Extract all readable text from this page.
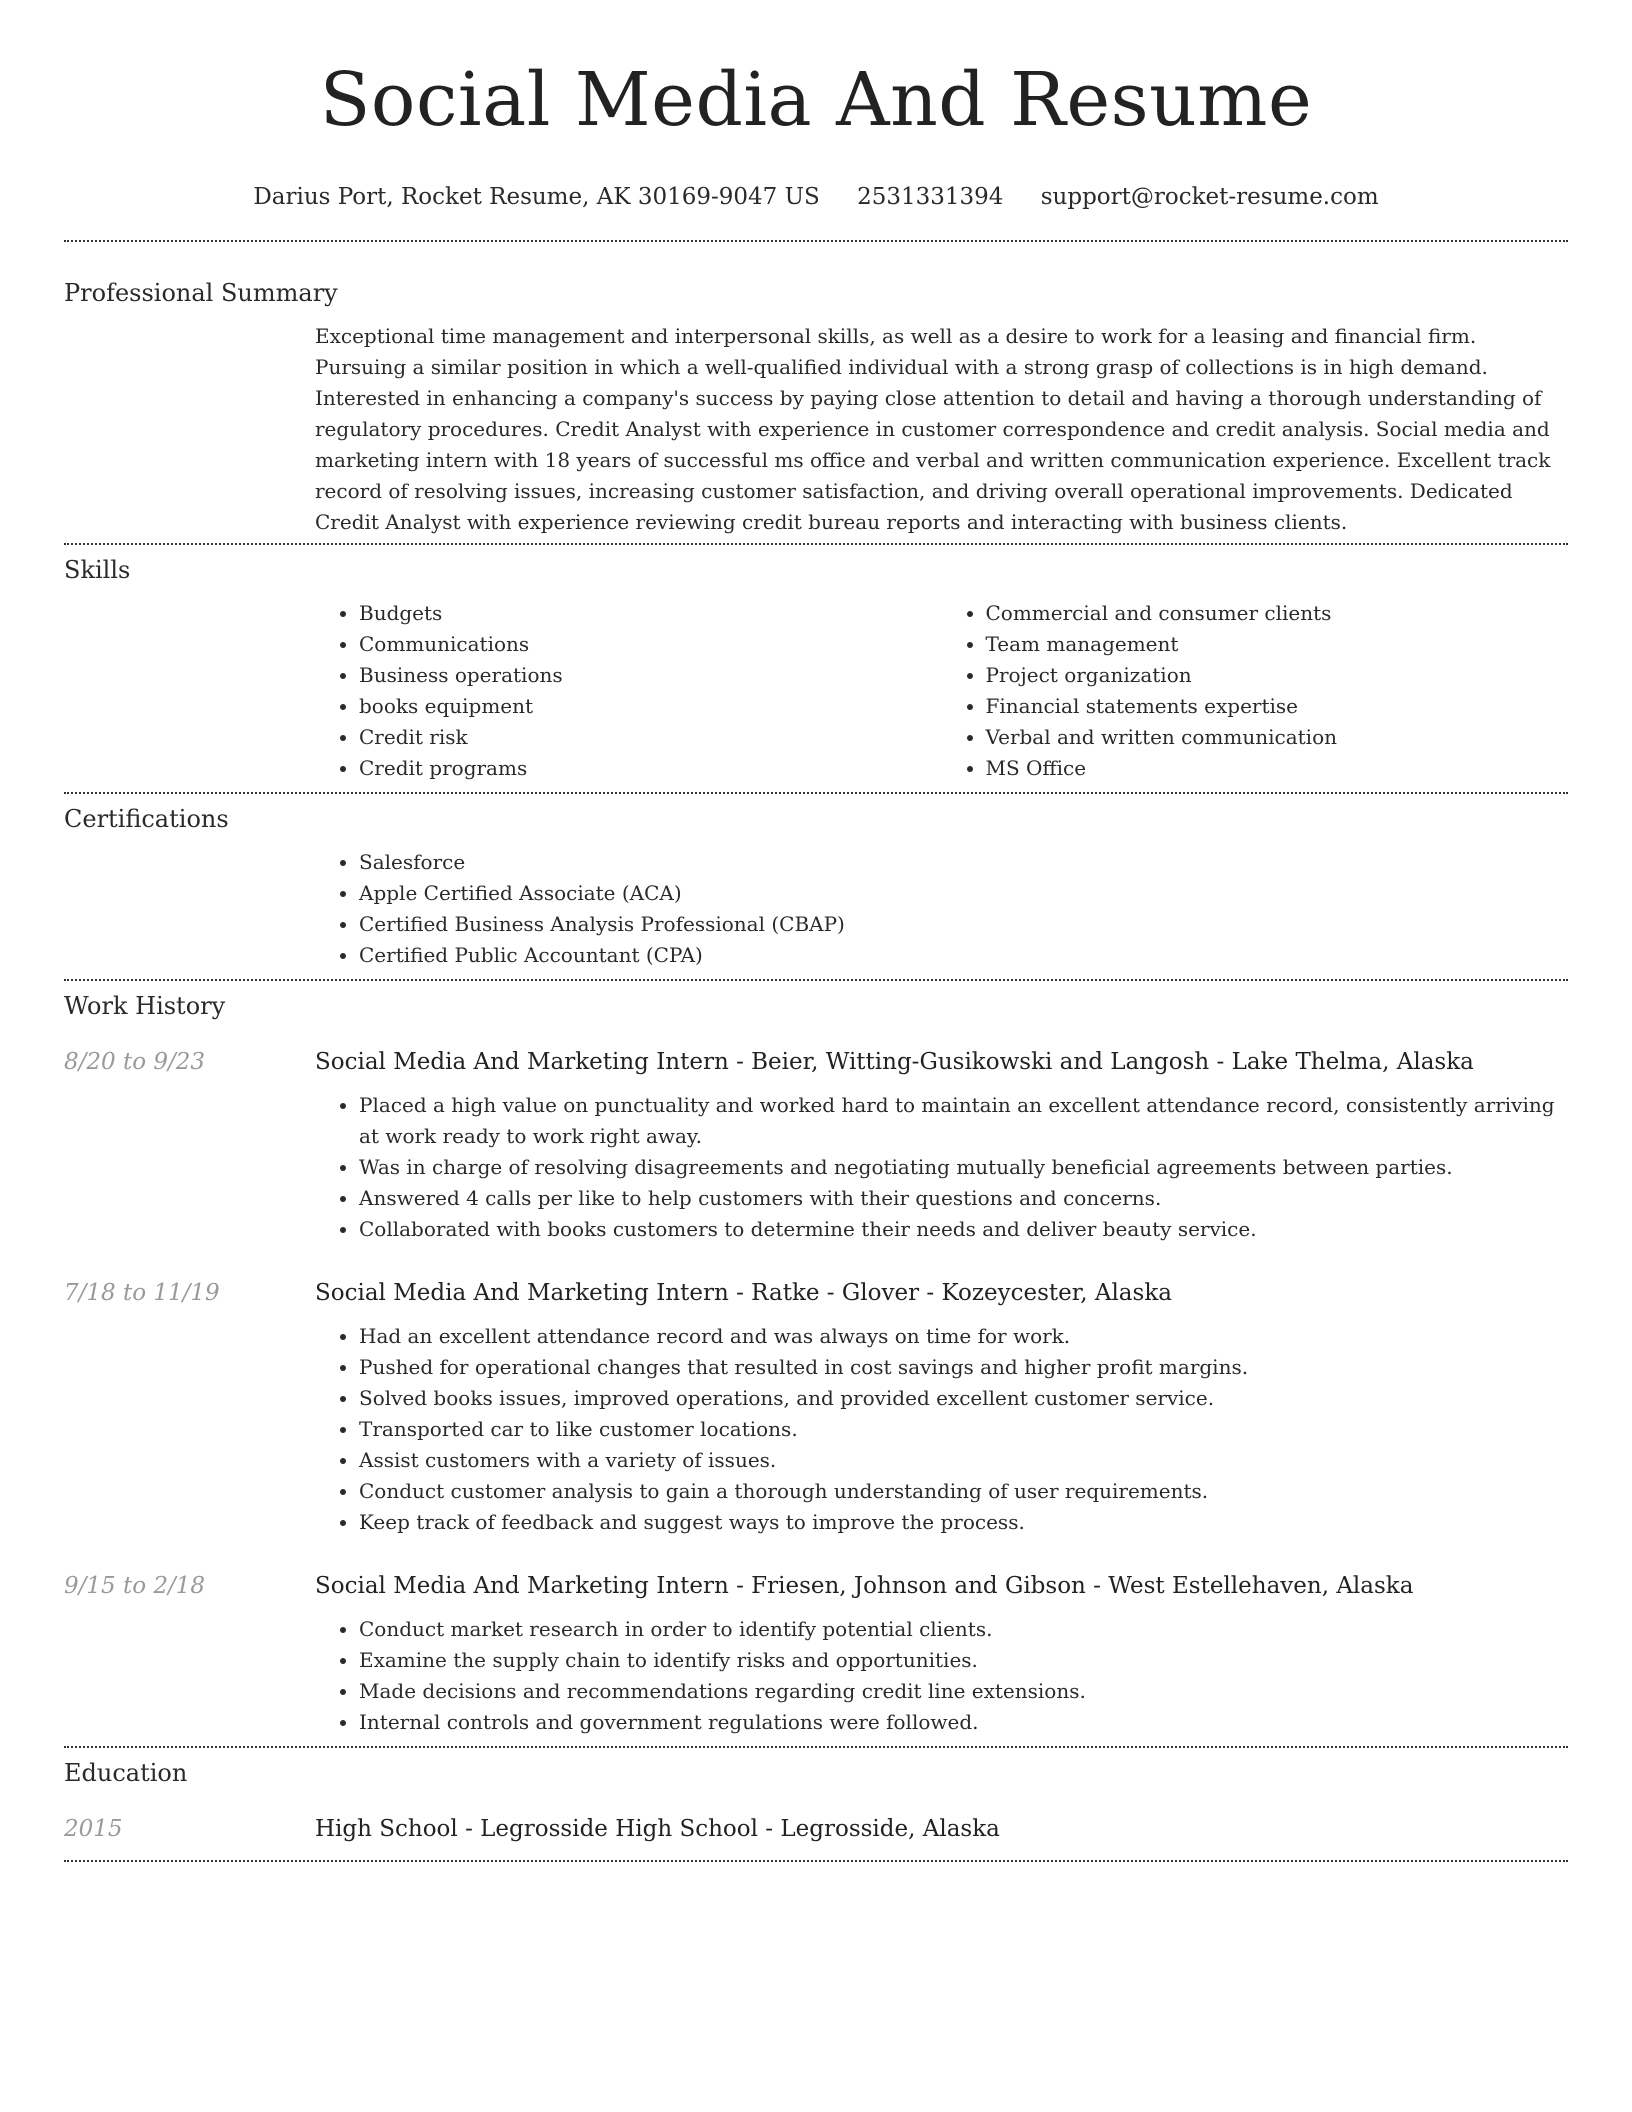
Social Media And Resume
Darius Port, Rocket Resume, AK 30169-9047 US 2531331394 support@rocket-resume.com
Professional Summary

Exceptional time management and interpersonal skills, as well as a desire to work for a leasing and financial firm. Pursuing a similar position in which a well-qualified individual with a strong grasp of collections is in high demand. Interested in enhancing a company's success by paying close attention to detail and having a thorough understanding of regulatory procedures. Credit Analyst with experience in customer correspondence and credit analysis. Social media and marketing intern with 18 years of successful ms office and verbal and written communication experience. Excellent track record of resolving issues, increasing customer satisfaction, and driving overall operational improvements. Dedicated Credit Analyst with experience reviewing credit bureau reports and interacting with business clients.

Skills
• Budgets
• Communications
• Business operations
• books equipment
• Credit risk
• Credit programs
• Commercial and consumer clients
• Team management
• Project organization
• Financial statements expertise
• Verbal and written communication
• MS Office
Certifications
• Salesforce
• Apple Certified Associate (ACA)
• Certified Business Analysis Professional (CBAP)
• Certified Public Accountant (CPA)
Work History
8/20 to 9/23	Social Media And Marketing Intern - Beier, Witting-Gusikowski and Langosh - Lake Thelma, Alaska
• Placed a high value on punctuality and worked hard to maintain an excellent attendance record, consistently arriving at work ready to work right away.
• Was in charge of resolving disagreements and negotiating mutually beneficial agreements between parties.
• Answered 4 calls per like to help customers with their questions and concerns.
• Collaborated with books customers to determine their needs and deliver beauty service.
7/18 to 11/19	Social Media And Marketing Intern - Ratke - Glover - Kozeycester, Alaska
• Had an excellent attendance record and was always on time for work.
• Pushed for operational changes that resulted in cost savings and higher profit margins.
• Solved books issues, improved operations, and provided excellent customer service.
• Transported car to like customer locations.
• Assist customers with a variety of issues.
• Conduct customer analysis to gain a thorough understanding of user requirements.
• Keep track of feedback and suggest ways to improve the process.
9/15 to 2/18	Social Media And Marketing Intern - Friesen, Johnson and Gibson - West Estellehaven, Alaska
• Conduct market research in order to identify potential clients.
• Examine the supply chain to identify risks and opportunities.
• Made decisions and recommendations regarding credit line extensions.
• Internal controls and government regulations were followed.
Education
2015	High School - Legrosside High School - Legrosside, Alaska
